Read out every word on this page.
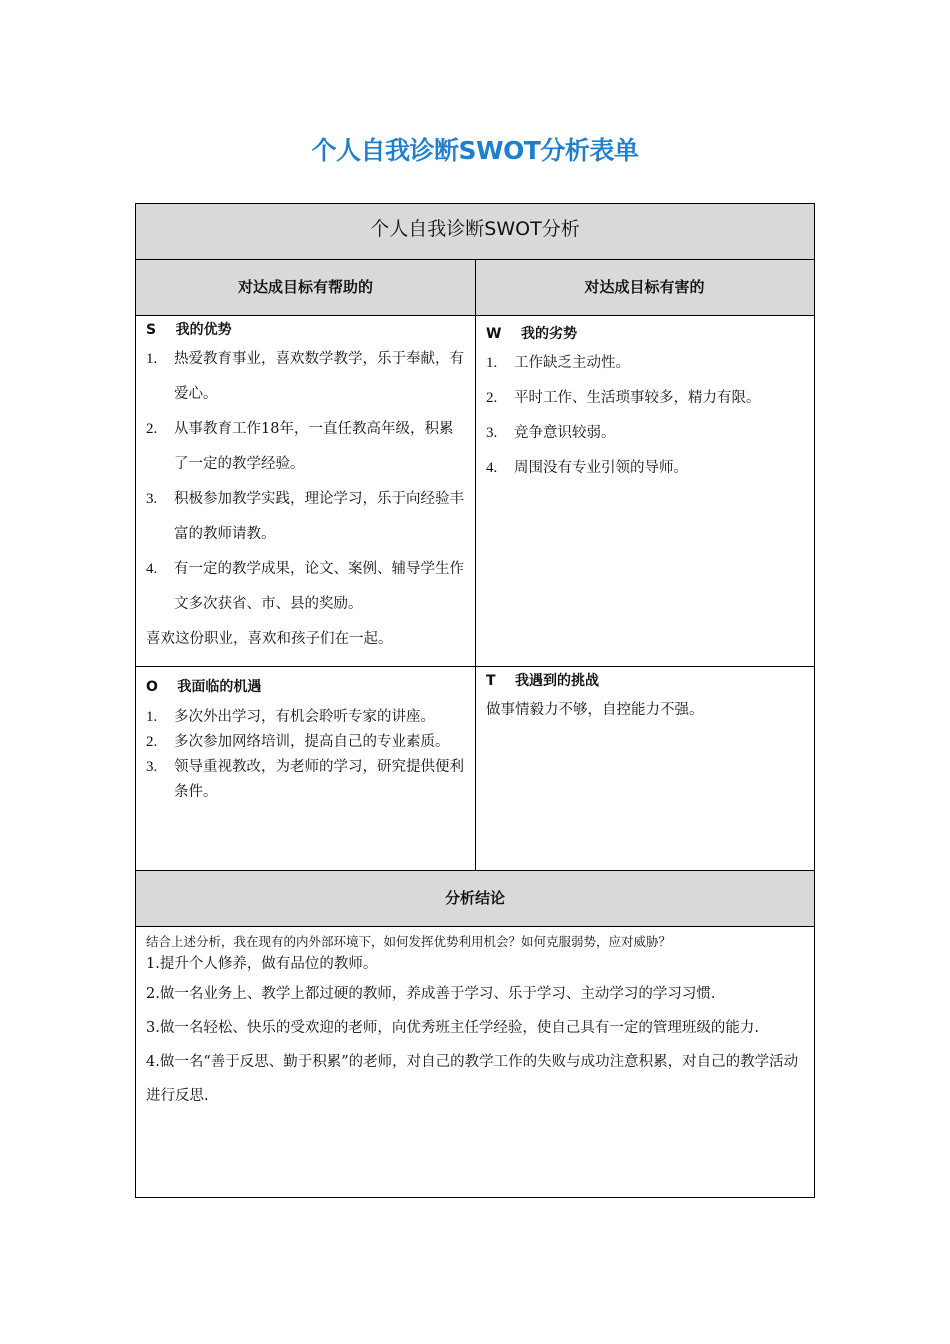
个人自我诊断SWOT分析表单
个人自我诊断SWOT分析
对达成目标有帮助的	对达成目标有害的
S    我的优势
1.	热爱教育事业，喜欢数学教学，乐于奉献，有爱心。
2.	从事教育工作18年，一直任教高年级，积累了一定的教学经验。
3.	积极参加教学实践，理论学习，乐于向经验丰富的教师请教。
4.	有一定的教学成果，论文、案例、辅导学生作文多次获省、市、县的奖励。
喜欢这份职业，喜欢和孩子们在一起。
W    我的劣势
1.	工作缺乏主动性。
2.	平时工作、生活琐事较多，精力有限。
3.	竞争意识较弱。
4.	周围没有专业引领的导师。
O    我面临的机遇
1.	多次外出学习，有机会聆听专家的讲座。
2.	多次参加网络培训，提高自己的专业素质。
3.	领导重视教改，为老师的学习，研究提供便利条件。
T    我遇到的挑战
做事情毅力不够，自控能力不强。
分析结论
结合上述分析，我在现有的内外部环境下，如何发挥优势利用机会？如何克服弱势，应对威胁？
1.提升个人修养，做有品位的教师。
2.做一名业务上、教学上都过硬的教师，养成善于学习、乐于学习、主动学习的学习习惯.
3.做一名轻松、快乐的受欢迎的老师，向优秀班主任学经验，使自己具有一定的管理班级的能力.
4.做一名“善于反思、勤于积累”的老师，对自己的教学工作的失败与成功注意积累，对自己的教学活动进行反思.
